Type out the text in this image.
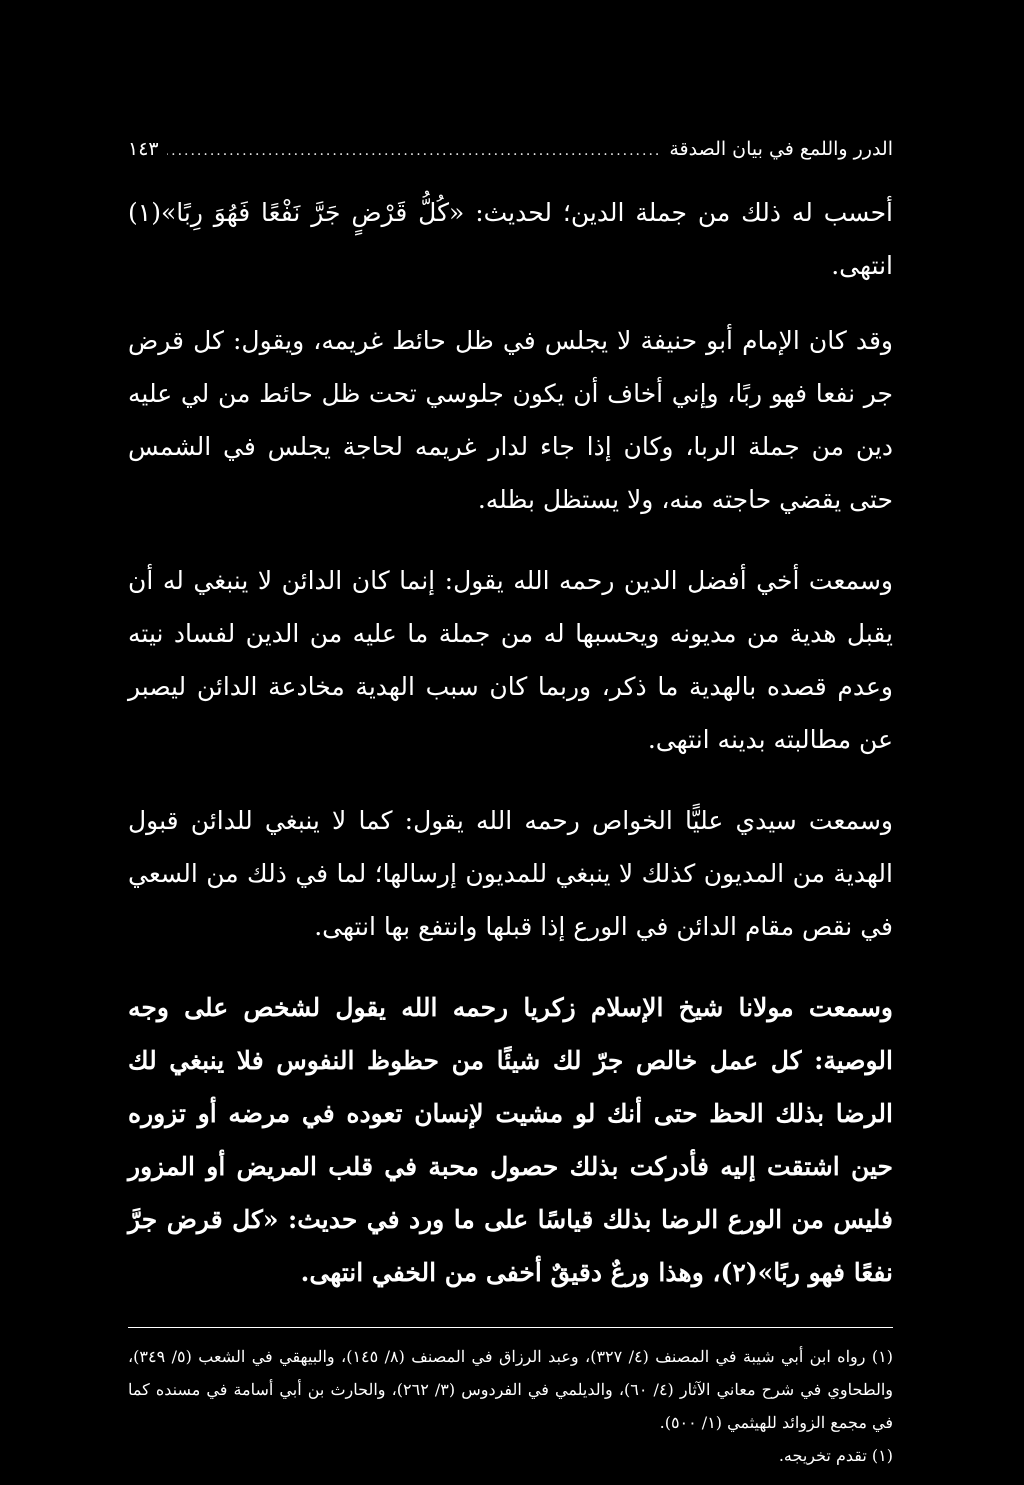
الدرر واللمع في بيان الصدقة
.....
١٤٣

أحسب له ذلك من جملة الدين؛ لحديث: «كُلُّ قَرْضٍ جَرَّ نَفْعًا فَهُوَ رِبًا»(١) انتهى.

وقد كان الإمام أبو حنيفة لا يجلس في ظل حائط غريمه، ويقول: كل قرض جر نفعا فهو ربًا، وإني أخاف أن يكون جلوسي تحت ظل حائط من لي عليه دين من جملة الربا، وكان إذا جاء لدار غريمه لحاجة يجلس في الشمس حتى يقضي حاجته منه، ولا يستظل بظله.

وسمعت أخي أفضل الدين رحمه الله يقول: إنما كان الدائن لا ينبغي له أن يقبل هدية من مديونه ويحسبها له من جملة ما عليه من الدين لفساد نيته وعدم قصده بالهدية ما ذكر، وربما كان سبب الهدية مخادعة الدائن ليصبر عن مطالبته بدينه انتهى.

وسمعت سيدي عليًّا الخواص رحمه الله يقول: كما لا ينبغي للدائن قبول الهدية من المديون كذلك لا ينبغي للمديون إرسالها؛ لما في ذلك من السعي في نقص مقام الدائن في الورع إذا قبلها وانتفع بها انتهى.

وسمعت مولانا شيخ الإسلام زكريا رحمه الله يقول لشخص على وجه الوصية: كل عمل خالص جرّ لك شيئًا من حظوظ النفوس فلا ينبغي لك الرضا بذلك الحظ حتى أنك لو مشيت لإنسان تعوده في مرضه أو تزوره حين اشتقت إليه فأدركت بذلك حصول محبة في قلب المريض أو المزور فليس من الورع الرضا بذلك قياسًا على ما ورد في حديث: «كل قرض جرَّ نفعًا فهو ربًا»(٢)، وهذا ورعٌ دقيقٌ أخفى من الخفي انتهى.

(١) رواه ابن أبي شيبة في المصنف (٤/ ٣٢٧)، وعبد الرزاق في المصنف (٨/ ١٤٥)، والبيهقي في الشعب (٥/ ٣٤٩)، والطحاوي في شرح معاني الآثار (٤/ ٦٠)، والديلمي في الفردوس (٣/ ٢٦٢)، والحارث بن أبي أسامة في مسنده كما في مجمع الزوائد للهيثمي (١/ ٥٠٠).

(١) تقدم تخريجه.
